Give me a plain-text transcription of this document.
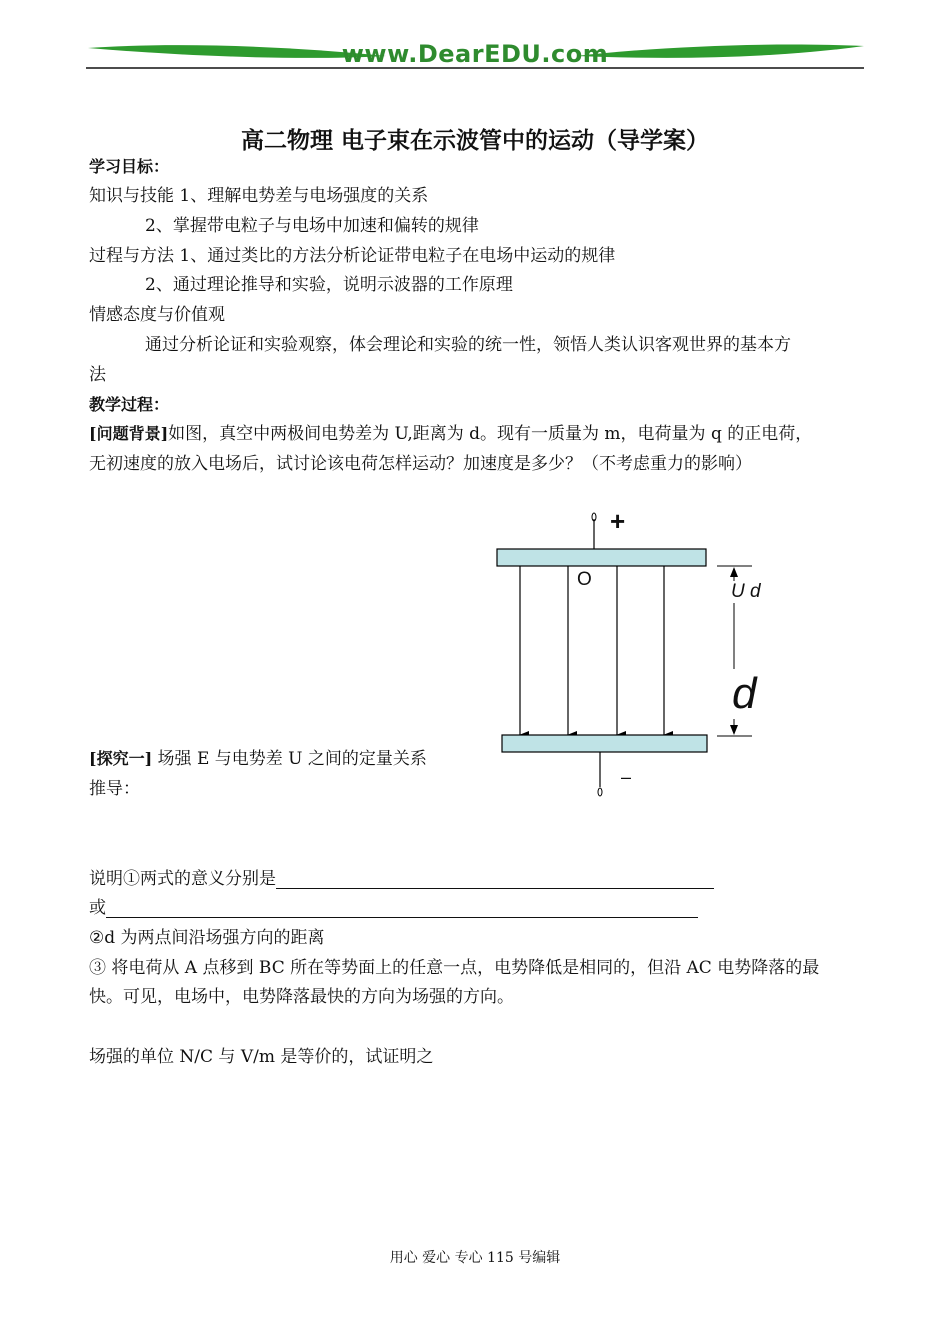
www.DearEDU.com
高二物理 电子束在示波管中的运动（导学案）
学习目标：
知识与技能 1、理解电势差与电场强度的关系
2、掌握带电粒子与电场中加速和偏转的规律
过程与方法 1、通过类比的方法分析论证带电粒子在电场中运动的规律
2、通过理论推导和实验，说明示波器的工作原理
情感态度与价值观
通过分析论证和实验观察，体会理论和实验的统一性，领悟人类认识客观世界的基本方
法
教学过程：
[问题背景]如图，真空中两极间电势差为 U,距离为 d。现有一质量为 m，电荷量为 q 的正电荷，
无初速度的放入电场后，试讨论该电荷怎样运动？加速度是多少？（不考虑重力的影响）
+
O
U d
d
–
[探究一] 场强 E 与电势差 U 之间的定量关系
推导：
说明①两式的意义分别是
或
②d 为两点间沿场强方向的距离
③ 将电荷从 A 点移到 BC 所在等势面上的任意一点，电势降低是相同的，但沿 AC 电势降落的最
快。可见，电场中，电势降落最快的方向为场强的方向。
场强的单位 N/C 与 V/m 是等价的，试证明之
用心 爱心 专心 115 号编辑
